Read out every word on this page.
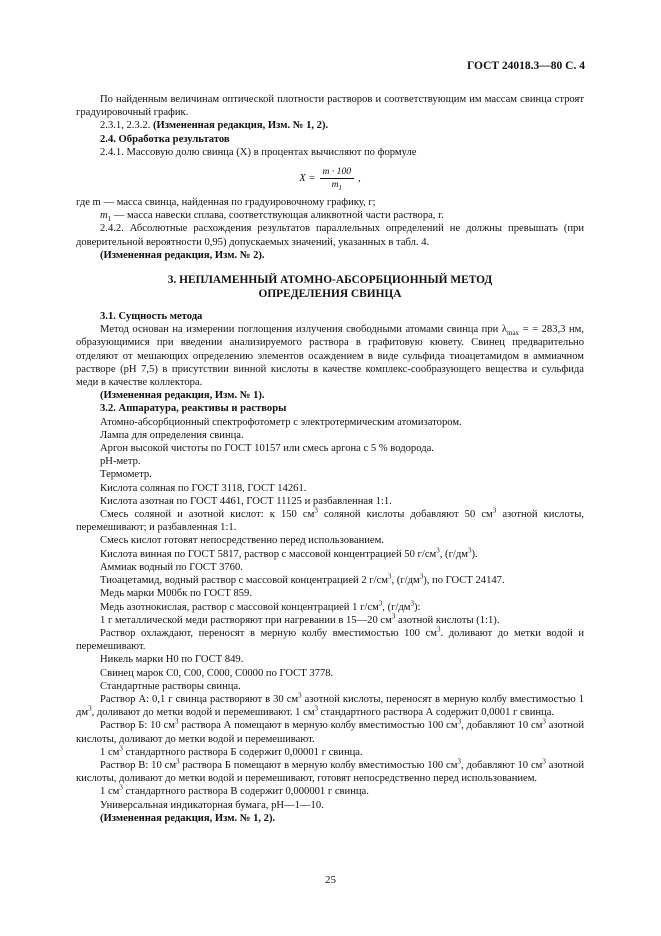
ГОСТ 24018.3—80 С. 4

По найденным величинам оптической плотности растворов и соответствующим им массам свинца строят градуировочный график.

2.3.1, 2.3.2. (Измененная редакция, Изм. № 1, 2).

2.4. Обработка результатов

2.4.1. Массовую долю свинца (X) в процентах вычисляют по формуле

$X = \frac{m \cdot 100}{m_1}$ ,

где m — масса свинца, найденная по градуировочному графику, г;

$m_1$ — масса навески сплава, соответствующая аликвотной части раствора, г.

2.4.2. Абсолютные расхождения результатов параллельных определений не должны превышать (при доверительной вероятности 0,95) допускаемых значений, указанных в табл. 4.

(Измененная редакция, Изм. № 2).

3. НЕПЛАМЕННЫЙ АТОМНО-АБСОРБЦИОННЫЙ МЕТОД
ОПРЕДЕЛЕНИЯ СВИНЦА

3.1. Сущность метода

Метод основан на измерении поглощения излучения свободными атомами свинца при $\lambda_{max}$ = = 283,3 нм, образующимися при введении анализируемого раствора в графитовую кювету. Свинец предварительно отделяют от мешающих определению элементов осаждением в виде сульфида тиоацетамидом в аммиачном растворе (pH 7,5) в присутствии винной кислоты в качестве комплекс-сообразующего вещества и сульфида меди в качестве коллектора.

(Измененная редакция, Изм. № 1).

3.2. Аппаратура, реактивы и растворы

Атомно-абсорбционный спектрофотометр с электротермическим атомизатором.

Лампа для определения свинца.

Аргон высокой чистоты по ГОСТ 10157 или смесь аргона с 5 % водорода.

pH-метр.

Термометр.

Кислота соляная по ГОСТ 3118, ГОСТ 14261.

Кислота азотная по ГОСТ 4461, ГОСТ 11125 и разбавленная 1:1.

Смесь соляной и азотной кислот: к 150 $см^3$ соляной кислоты добавляют 50 $см^3$ азотной кислоты, перемешивают; и разбавленная 1:1.

Смесь кислот готовят непосредственно перед использованием.

Кислота винная по ГОСТ 5817, раствор с массовой концентрацией 50 $г/см^3$, $(г/дм^3)$.

Аммиак водный по ГОСТ 3760.

Тиоацетамид, водный раствор с массовой концентрацией 2 $г/см^3$, $(г/дм^3)$, по ГОСТ 24147.

Медь марки М00бк по ГОСТ 859.

Медь азотнокислая, раствор с массовой концентрацией 1 $г/см^3$, $(г/дм^3)$:

1 г металлической меди растворяют при нагревании в 15—20 $см^3$ азотной кислоты (1:1).

Раствор охлаждают, переносят в мерную колбу вместимостью 100 $см^3$. доливают до метки водой и перемешивают.

Никель марки Н0 по ГОСТ 849.

Свинец марок С0, С00, С000, С0000 по ГОСТ 3778.

Стандартные растворы свинца.

Раствор А: 0,1 г свинца растворяют в 30 $см^3$ азотной кислоты, переносят в мерную колбу вместимостью 1 $дм^3$, доливают до метки водой и перемешивают. 1 $см^3$ стандартного раствора А содержит 0,0001 г свинца.

Раствор Б: 10 $см^3$ раствора А помещают в мерную колбу вместимостью 100 $см^3$, добавляют 10 $см^3$ азотной кислоты, доливают до метки водой и перемешивают.

1 $см^3$ стандартного раствора Б содержит 0,00001 г свинца.

Раствор В: 10 $см^3$ раствора Б помещают в мерную колбу вместимостью 100 $см^3$, добавляют 10 $см^3$ азотной кислоты, доливают до метки водой и перемешивают, готовят непосредственно перед использованием.

1 $см^3$ стандартного раствора В содержит 0,000001 г свинца.

Универсальная индикаторная бумага, pH—1—10.

(Измененная редакция, Изм. № 1, 2).

25
